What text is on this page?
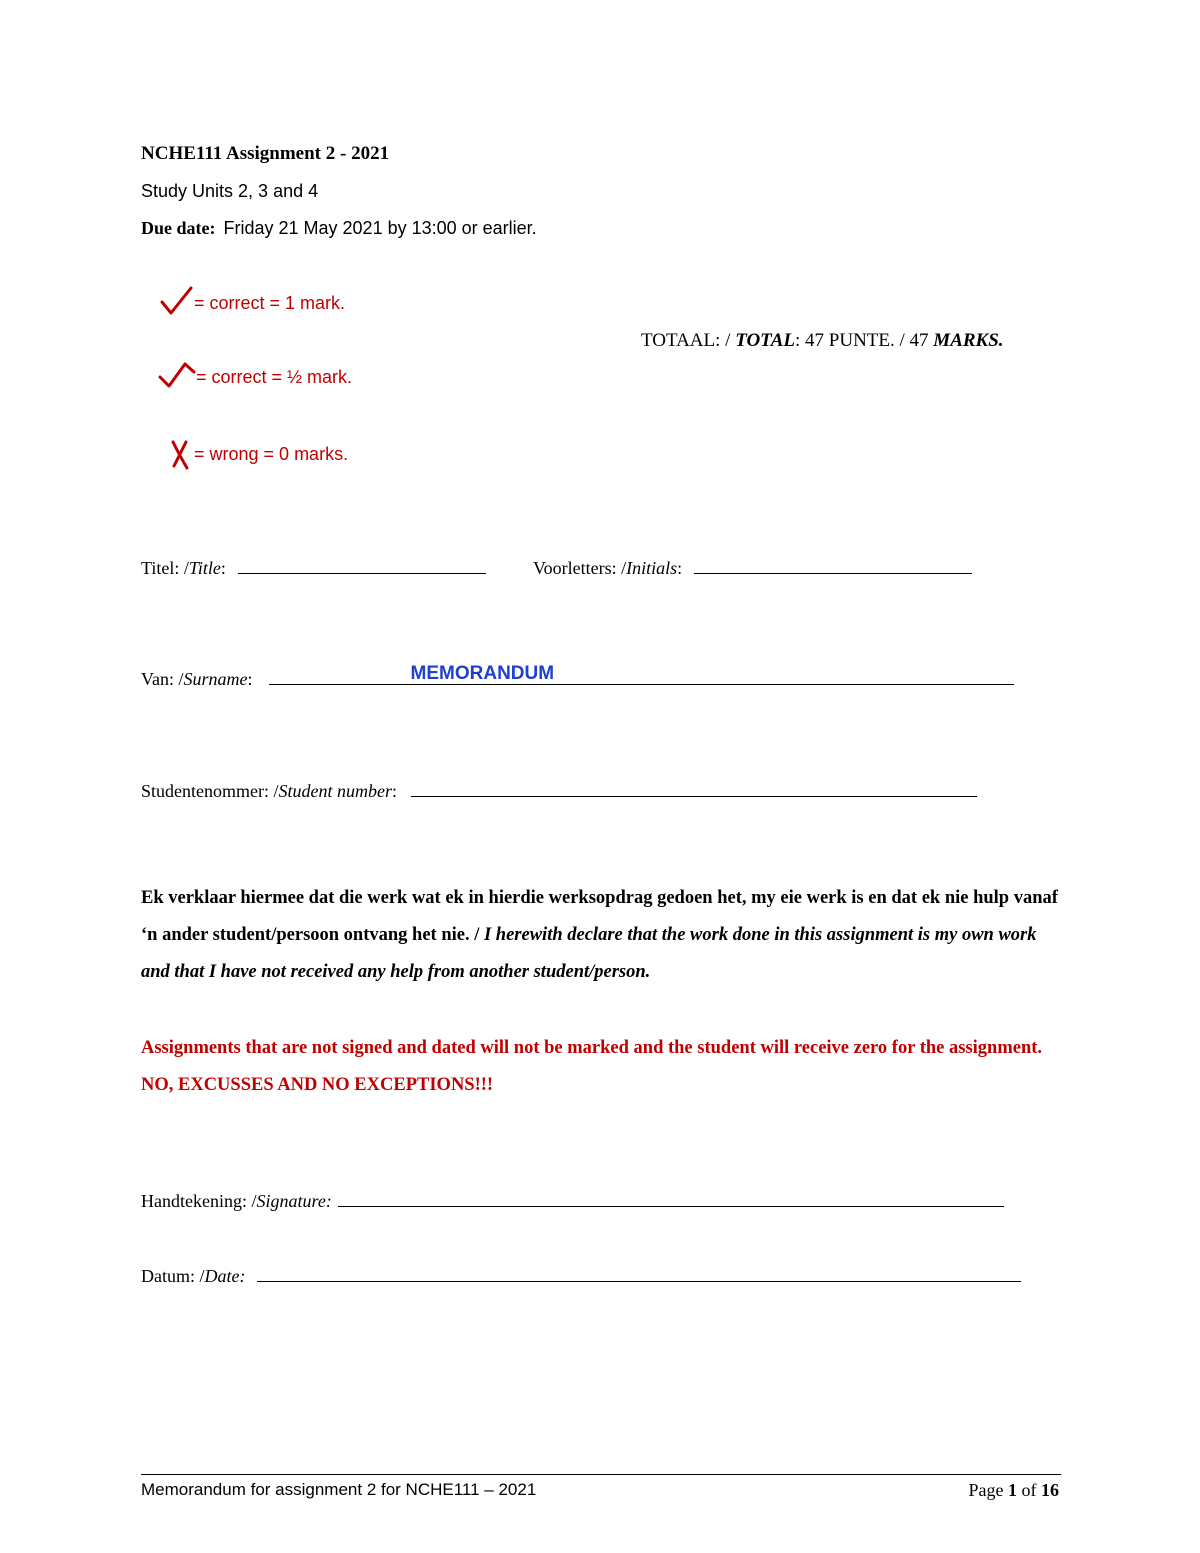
NCHE111 Assignment 2 - 2021
Study Units 2, 3 and 4
Due date: Friday 21 May 2021 by 13:00 or earlier.
= correct = 1 mark.
= correct = ½ mark.
= wrong = 0 marks.
TOTAAL: / TOTAL: 47 PUNTE. / 47 MARKS.
Titel: / Title :	Voorletters: / Initials :
Van: / Surname :	MEMORANDUM
Studentenommer: / Student number :
Ek verklaar hiermee dat die werk wat ek in hierdie werksopdrag gedoen het, my eie werk is en dat ek nie hulp vanaf ‘n ander student/persoon ontvang het nie. / I herewith declare that the work done in this assignment is my own work and that I have not received any help from another student/person.
Assignments that are not signed and dated will not be marked and the student will receive zero for the assignment. NO, EXCUSSES AND NO EXCEPTIONS!!!
Handtekening: / Signature:
Datum: / Date:
Memorandum for assignment 2 for NCHE111 – 2021	Page 1 of 16
